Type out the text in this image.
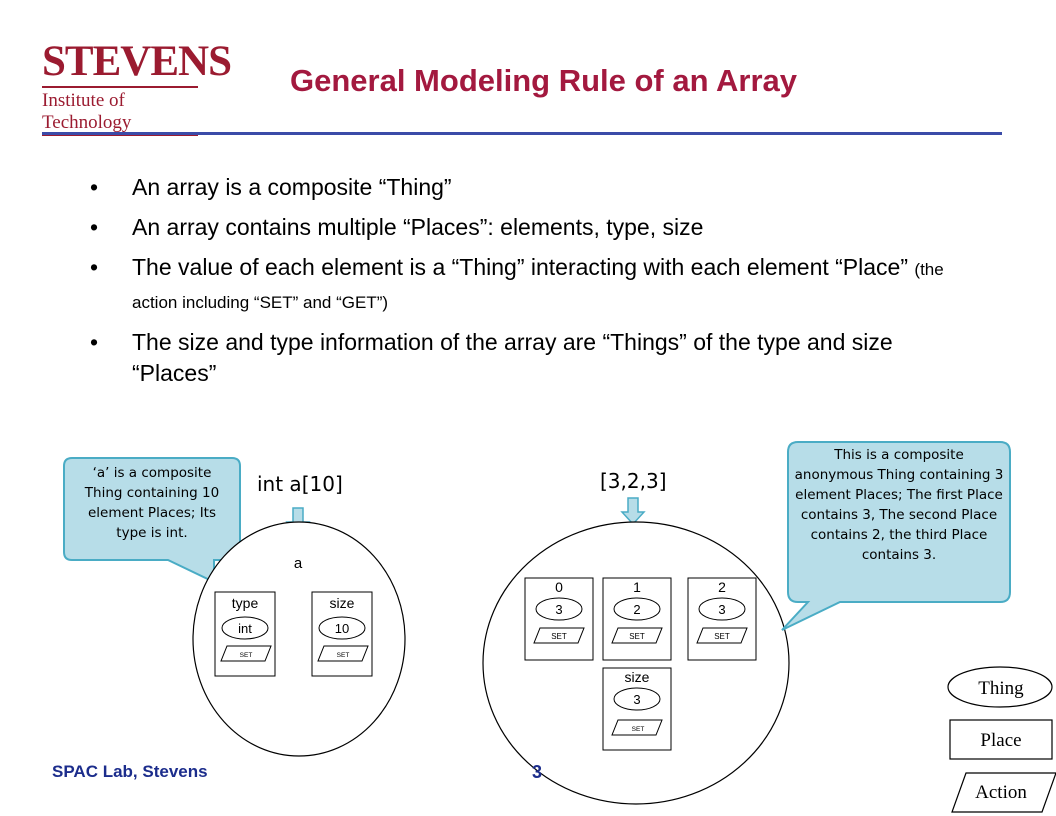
STEVENS
Institute of Technology
General Modeling Rule of an Array
• An array is a composite “Thing”
• An array contains multiple “Places”: elements, type, size
• The value of each element is a “Thing” interacting with each element “Place” (the action including “SET” and “GET”)
• The size and type information of the array are “Things” of the type and size “Places”
a
type
int
SET
size
10
SET
0
3
SET
1
2
SET
2
3
SET
size
3
SET
Thing
Place
Action
‘a’ is a composite Thing containing 10 element Places; Its type is int.
This is a composite anonymous Thing containing 3 element Places; The first Place contains 3, The second Place contains 2, the third Place contains 3.
int a[10]	[3,2,3]
SPAC Lab, Stevens	3
